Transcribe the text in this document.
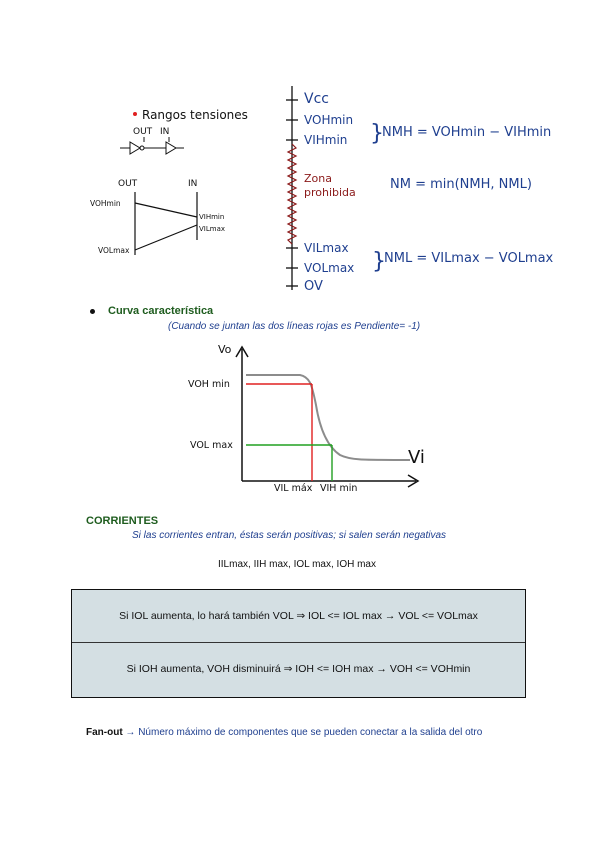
Rangos tensiones
OUT IN
OUT	IN
VOHmin
VOLmax
VIHmin
VILmax
Vcc
VOHmin
VIHmin }
NMH = VOHmin − VIHmin
Zona
prohibida
NM = min(NMH, NML)
VILmax
VOLmax }
NML = VILmax − VOLmax
OV
Curva característica
(Cuando se juntan las dos líneas rojas es Pendiente= -1)
Vo
Vi
VOH min
VOL max
VIL máx VIH min
CORRIENTES
Si las corrientes entran, éstas serán positivas; si salen serán negativas
IILmax, IIH max, IOL max, IOH max
Si IOL aumenta, lo hará también VOL ⇒ IOL <= IOL max → VOL <= VOLmax
Si IOH aumenta, VOH disminuirá ⇒ IOH <= IOH max → VOH <= VOHmin
Fan-out → Número máximo de componentes que se pueden conectar a la salida del otro
